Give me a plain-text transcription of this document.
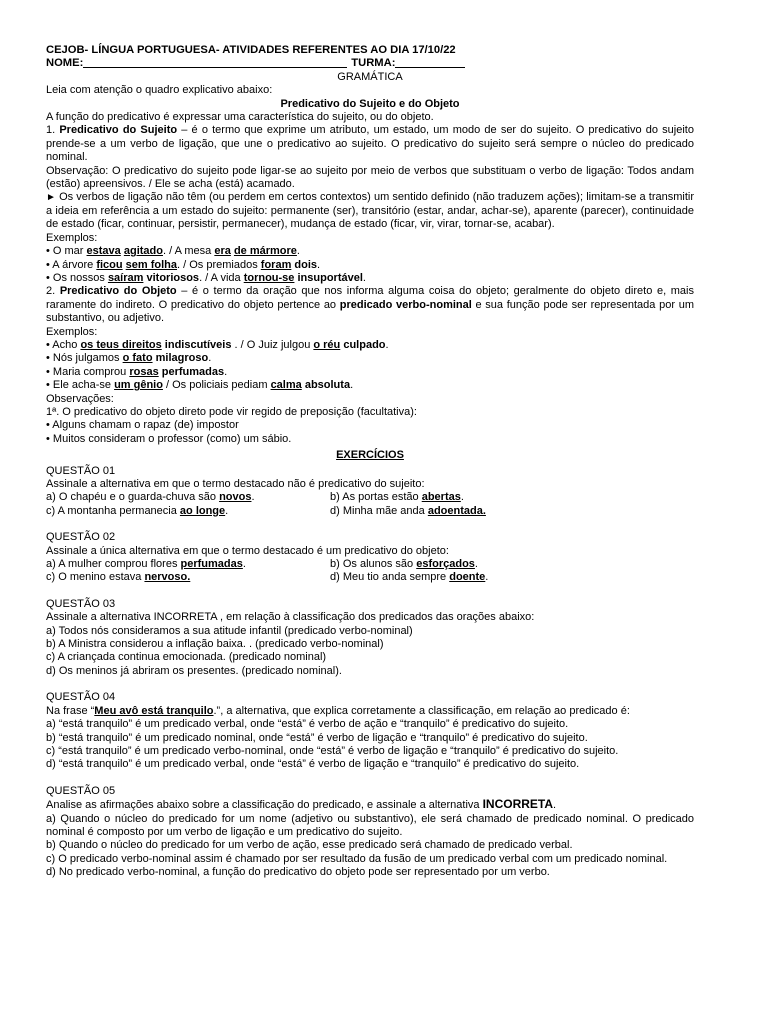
CEJOB- LÍNGUA PORTUGUESA- ATIVIDADES REFERENTES AO DIA 17/10/22
NOME:	TURMA:
GRAMÁTICA
Leia com atenção o quadro explicativo abaixo:
Predicativo do Sujeito e do Objeto
A função do predicativo é expressar uma característica do sujeito, ou do objeto.

1. Predicativo do Sujeito – é o termo que exprime um atributo, um estado, um modo de ser do sujeito. O predicativo do sujeito prende-se a um verbo de ligação, que une o predicativo ao sujeito. O predicativo do sujeito será sempre o núcleo do predicado nominal.

Observação: O predicativo do sujeito pode ligar-se ao sujeito por meio de verbos que substituam o verbo de ligação: Todos andam (estão) apreensivos. / Ele se acha (está) acamado.

► Os verbos de ligação não têm (ou perdem em certos contextos) um sentido definido (não traduzem ações); limitam-se a transmitir a ideia em referência a um estado do sujeito: permanente (ser), transitório (estar, andar, achar-se), aparente (parecer), continuidade de estado (ficar, continuar, persistir, permanecer), mudança de estado (ficar, vir, virar, tornar-se, acabar).

Exemplos:
• O mar estava agitado. / A mesa era de mármore.
• A árvore ficou sem folha. / Os premiados foram dois.
• Os nossos saíram vitoriosos. / A vida tornou-se insuportável.

2. Predicativo do Objeto – é o termo da oração que nos informa alguma coisa do objeto; geralmente do objeto direto e, mais raramente do indireto. O predicativo do objeto pertence ao predicado verbo-nominal e sua função pode ser representada por um substantivo, ou adjetivo.

Exemplos:
• Acho os teus direitos indiscutíveis . / O Juiz julgou o réu culpado.
• Nós julgamos o fato milagroso.
• Maria comprou rosas perfumadas.
• Ele acha-se um gênio / Os policiais pediam calma absoluta.
Observações:
1ª. O predicativo do objeto direto pode vir regido de preposição (facultativa):
• Alguns chamam o rapaz (de) impostor
• Muitos consideram o professor (como) um sábio.
EXERCÍCIOS
QUESTÃO 01
Assinale a alternativa em que o termo destacado não é predicativo do sujeito:
a) O chapéu e o guarda-chuva são novos.	b) As portas estão abertas.
c) A montanha permanecia ao longe.	d) Minha mãe anda adoentada.
QUESTÃO 02
Assinale a única alternativa em que o termo destacado é um predicativo do objeto:
a) A mulher comprou flores perfumadas.	b) Os alunos são esforçados.
c) O menino estava nervoso.	d) Meu tio anda sempre doente.
QUESTÃO 03
Assinale a alternativa INCORRETA , em relação à classificação dos predicados das orações abaixo:
a) Todos nós consideramos a sua atitude infantil (predicado verbo-nominal)
b) A Ministra considerou a inflação baixa. . (predicado verbo-nominal)
c) A criançada continua emocionada. (predicado nominal)
d) Os meninos já abriram os presentes. (predicado nominal).
QUESTÃO 04
Na frase “Meu avô está tranquilo.”, a alternativa, que explica corretamente a classificação, em relação ao predicado é:
a) “está tranquilo” é um predicado verbal, onde “está” é verbo de ação e “tranquilo” é predicativo do sujeito.
b) “está tranquilo” é um predicado nominal, onde “está” é verbo de ligação e “tranquilo” é predicativo do sujeito.
c) “está tranquilo” é um predicado verbo-nominal, onde “está” é verbo de ligação e “tranquilo” é predicativo do sujeito.
d) “está tranquilo” é um predicado verbal, onde “está” é verbo de ligação e “tranquilo” é predicativo do sujeito.
QUESTÃO 05
Analise as afirmações abaixo sobre a classificação do predicado, e assinale a alternativa INCORRETA.

a) Quando o núcleo do predicado for um nome (adjetivo ou substantivo), ele será chamado de predicado nominal. O predicado nominal é composto por um verbo de ligação e um predicativo do sujeito.

b) Quando o núcleo do predicado for um verbo de ação, esse predicado será chamado de predicado verbal.
c) O predicado verbo-nominal assim é chamado por ser resultado da fusão de um predicado verbal com um predicado nominal.
d) No predicado verbo-nominal, a função do predicativo do objeto pode ser representado por um verbo.
